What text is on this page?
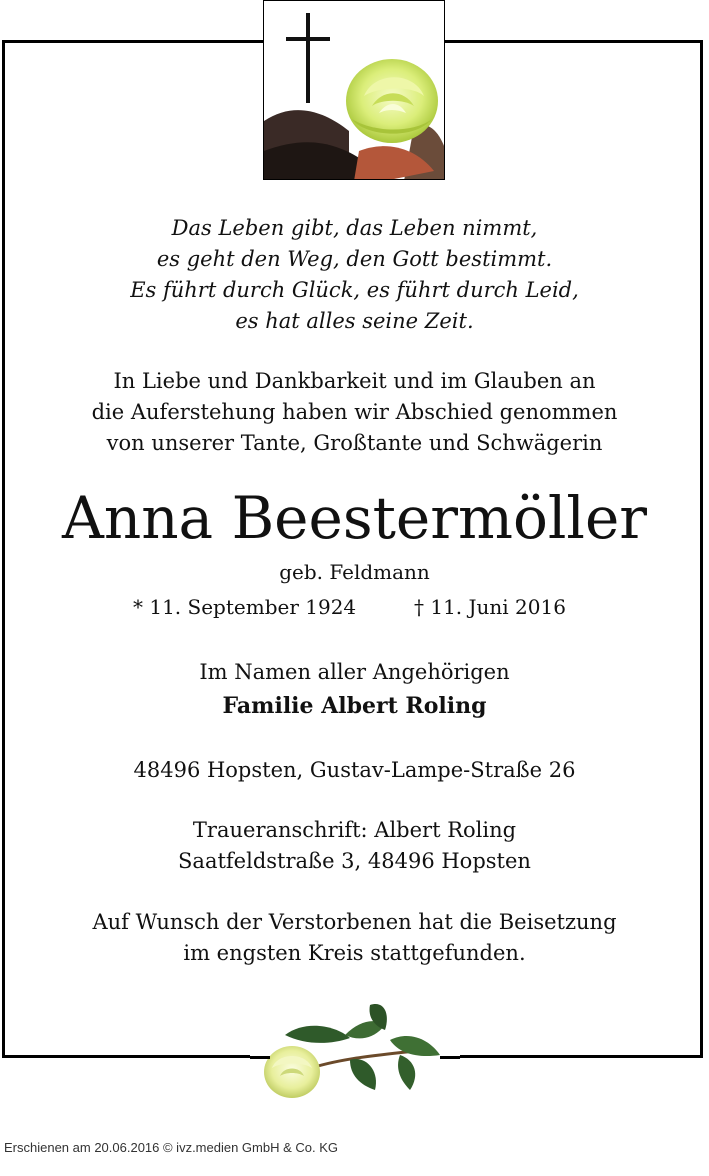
Das Leben gibt, das Leben nimmt,
es geht den Weg, den Gott bestimmt.
Es führt durch Glück, es führt durch Leid,
es hat alles seine Zeit.
In Liebe und Dankbarkeit und im Glauben an
die Auferstehung haben wir Abschied genommen
von unserer Tante, Großtante und Schwägerin
Anna Beestermöller
geb. Feldmann
* 11. September 1924	† 11. Juni 2016
Im Namen aller Angehörigen
Familie Albert Roling
48496 Hopsten, Gustav-Lampe-Straße 26
Traueranschrift: Albert Roling
Saatfeldstraße 3, 48496 Hopsten
Auf Wunsch der Verstorbenen hat die Beisetzung
im engsten Kreis stattgefunden.
Erschienen am 20.06.2016 © ivz.medien GmbH & Co. KG
